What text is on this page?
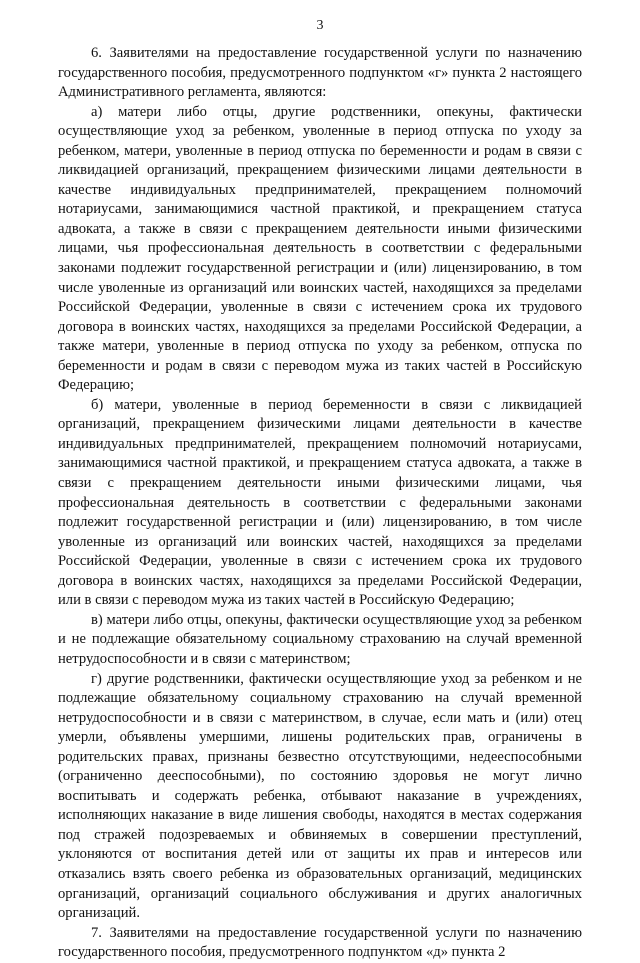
3

6. Заявителями на предоставление государственной услуги по назначению государственного пособия, предусмотренного подпунктом «г» пункта 2 настоящего Административного регламента, являются:

а) матери либо отцы, другие родственники, опекуны, фактически осуществляющие уход за ребенком, уволенные в период отпуска по уходу за ребенком, матери, уволенные в период отпуска по беременности и родам в связи с ликвидацией организаций, прекращением физическими лицами деятельности в качестве индивидуальных предпринимателей, прекращением полномочий нотариусами, занимающимися частной практикой, и прекращением статуса адвоката, а также в связи с прекращением деятельности иными физическими лицами, чья профессиональная деятельность в соответствии с федеральными законами подлежит государственной регистрации и (или) лицензированию, в том числе уволенные из организаций или воинских частей, находящихся за пределами Российской Федерации, уволенные в связи с истечением срока их трудового договора в воинских частях, находящихся за пределами Российской Федерации, а также матери, уволенные в период отпуска по уходу за ребенком, отпуска по беременности и родам в связи с переводом мужа из таких частей в Российскую Федерацию;

б) матери, уволенные в период беременности в связи с ликвидацией организаций, прекращением физическими лицами деятельности в качестве индивидуальных предпринимателей, прекращением полномочий нотариусами, занимающимися частной практикой, и прекращением статуса адвоката, а также в связи с прекращением деятельности иными физическими лицами, чья профессиональная деятельность в соответствии с федеральными законами подлежит государственной регистрации и (или) лицензированию, в том числе уволенные из организаций или воинских частей, находящихся за пределами Российской Федерации, уволенные в связи с истечением срока их трудового договора в воинских частях, находящихся за пределами Российской Федерации, или в связи с переводом мужа из таких частей в Российскую Федерацию;

в) матери либо отцы, опекуны, фактически осуществляющие уход за ребенком и не подлежащие обязательному социальному страхованию на случай временной нетрудоспособности и в связи с материнством;

г) другие родственники, фактически осуществляющие уход за ребенком и не подлежащие обязательному социальному страхованию на случай временной нетрудоспособности и в связи с материнством, в случае, если мать и (или) отец умерли, объявлены умершими, лишены родительских прав, ограничены в родительских правах, признаны безвестно отсутствующими, недееспособными (ограниченно дееспособными), по состоянию здоровья не могут лично воспитывать и содержать ребенка, отбывают наказание в учреждениях, исполняющих наказание в виде лишения свободы, находятся в местах содержания под стражей подозреваемых и обвиняемых в совершении преступлений, уклоняются от воспитания детей или от защиты их прав и интересов или отказались взять своего ребенка из образовательных организаций, медицинских организаций, организаций социального обслуживания и других аналогичных организаций.

7. Заявителями на предоставление государственной услуги по назначению государственного пособия, предусмотренного подпунктом «д» пункта 2
